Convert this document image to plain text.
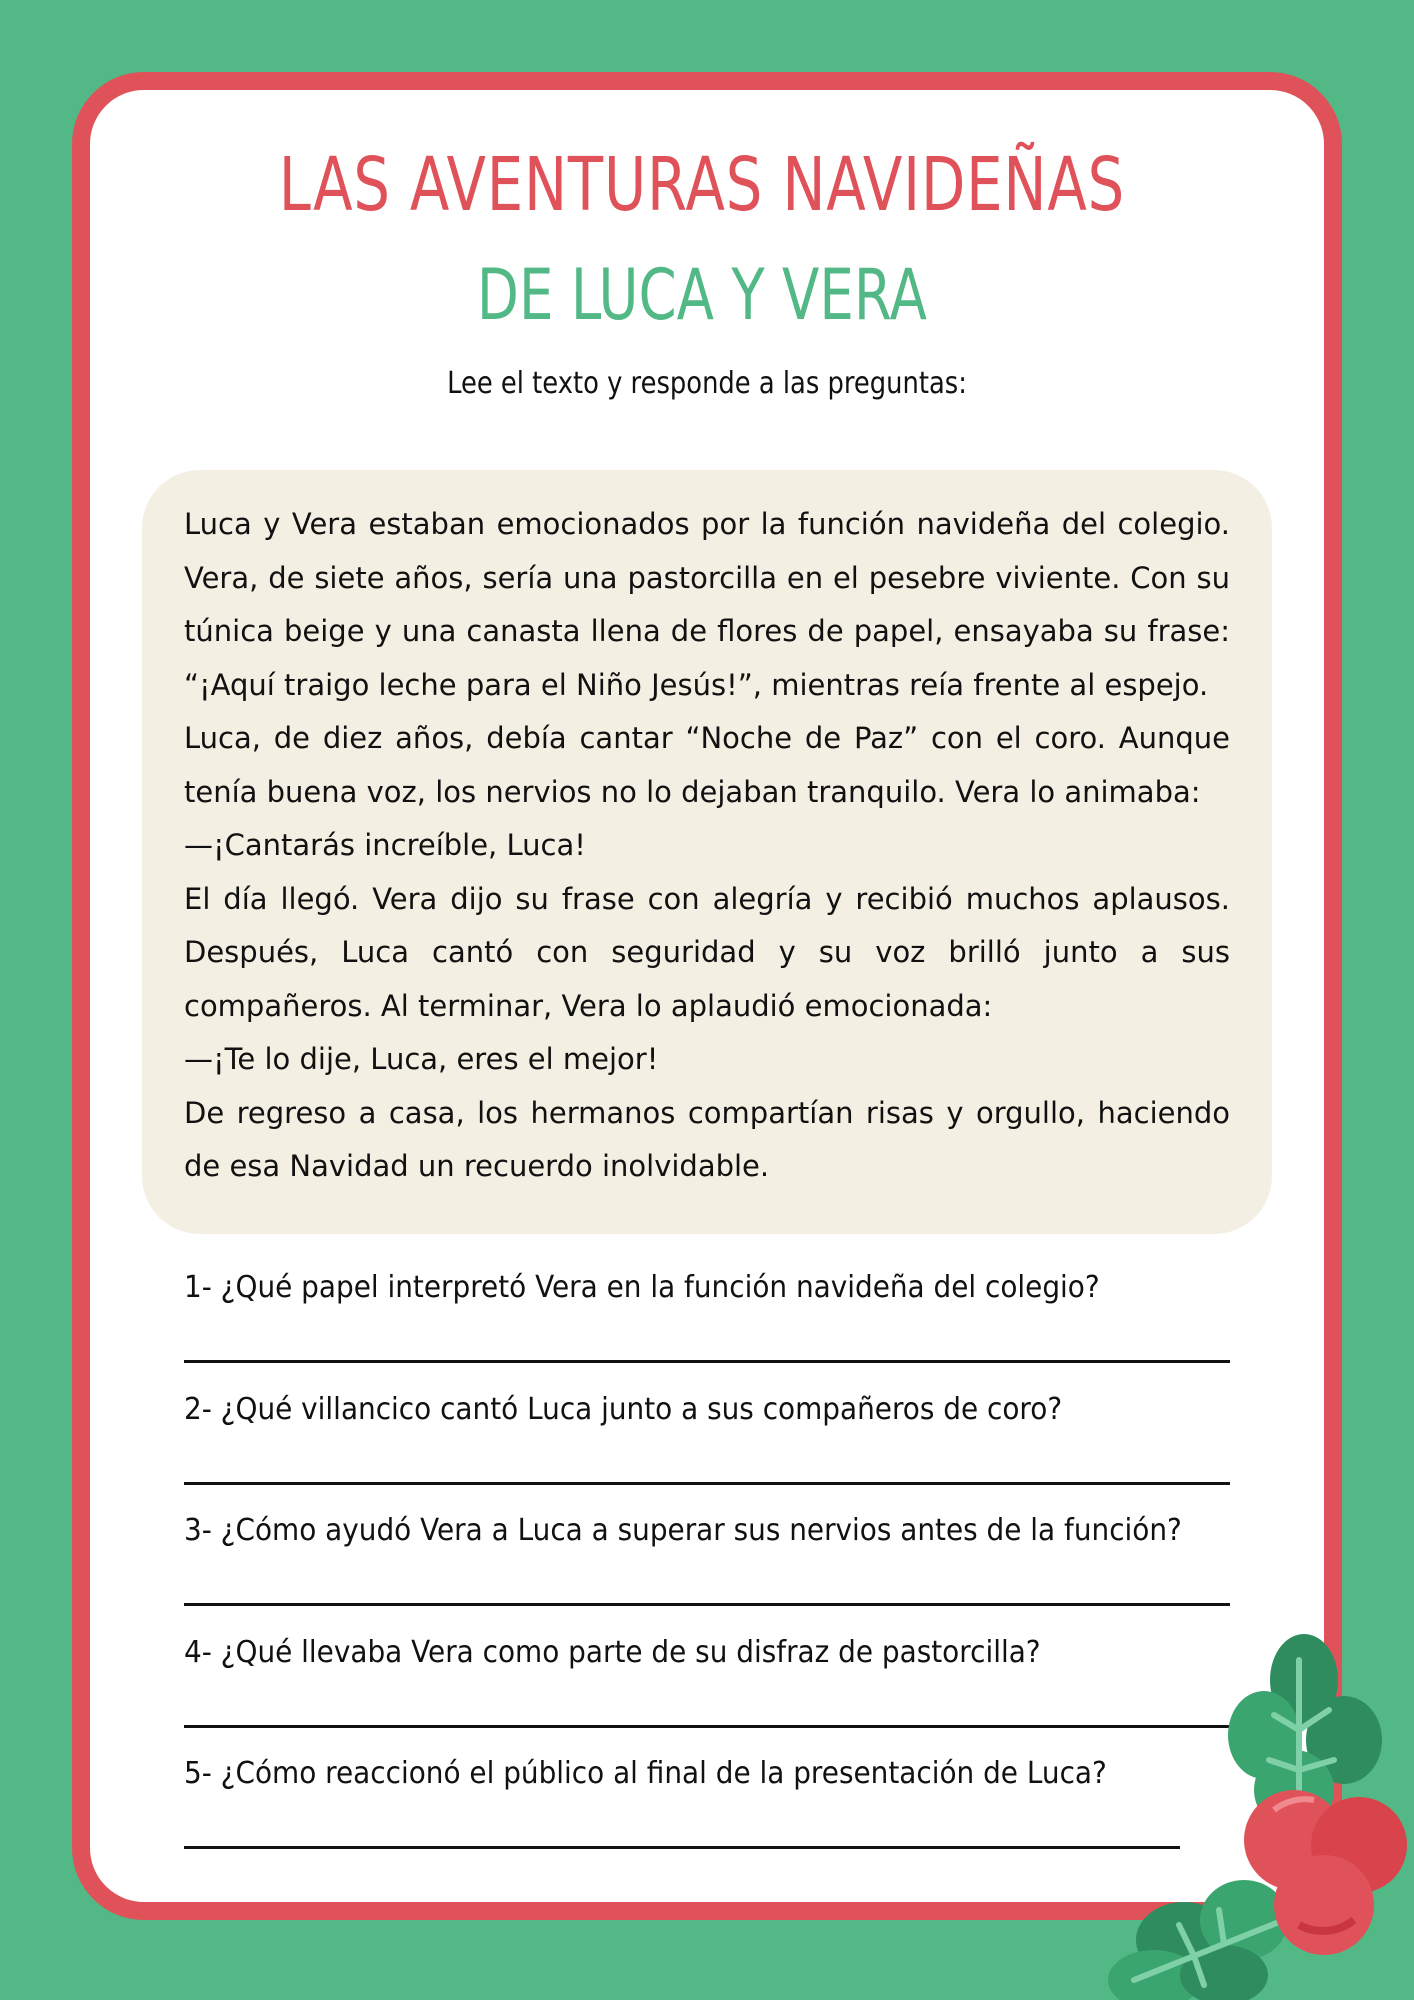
LAS AVENTURAS NAVIDEÑAS
DE LUCA Y VERA
Lee el texto y responde a las preguntas:

Luca y Vera estaban emocionados por la función navideña del colegio. Vera, de siete años, sería una pastorcilla en el pesebre viviente. Con su túnica beige y una canasta llena de flores de papel, ensayaba su frase: “¡Aquí traigo leche para el Niño Jesús!”, mientras reía frente al espejo.

Luca, de diez años, debía cantar “Noche de Paz” con el coro. Aunque tenía buena voz, los nervios no lo dejaban tranquilo. Vera lo animaba:

—¡Cantarás increíble, Luca!

El día llegó. Vera dijo su frase con alegría y recibió muchos aplausos. Después, Luca cantó con seguridad y su voz brilló junto a sus compañeros. Al terminar, Vera lo aplaudió emocionada:

—¡Te lo dije, Luca, eres el mejor!

De regreso a casa, los hermanos compartían risas y orgullo, haciendo de esa Navidad un recuerdo inolvidable.

1- ¿Qué papel interpretó Vera en la función navideña del colegio?
2- ¿Qué villancico cantó Luca junto a sus compañeros de coro?
3- ¿Cómo ayudó Vera a Luca a superar sus nervios antes de la función?
4- ¿Qué llevaba Vera como parte de su disfraz de pastorcilla?
5- ¿Cómo reaccionó el público al final de la presentación de Luca?
